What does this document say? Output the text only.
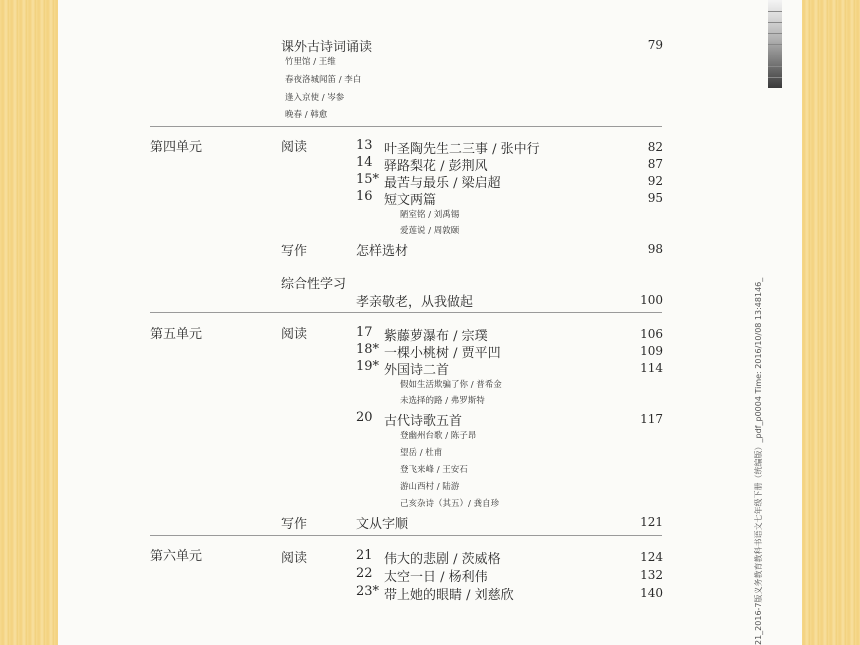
课外古诗词诵读	79
竹里馆 / 王维
春夜洛城闻笛 / 李白
逢入京使 / 岑参
晚春 / 韩愈
第四单元	阅读	13 叶圣陶先生二三事 / 张中行	82
14 驿路梨花 / 彭荆风	87
15* 最苦与最乐 / 梁启超	92
16 短文两篇	95
陋室铭 / 刘禹锡
爱莲说 / 周敦颐
写作	怎样选材	98
综合性学习
孝亲敬老，从我做起	100
第五单元	阅读	17 紫藤萝瀑布 / 宗璞	106
18* 一棵小桃树 / 贾平凹	109
19* 外国诗二首	114
假如生活欺骗了你 / 普希金
未选择的路 / 弗罗斯特
20 古代诗歌五首	117
登幽州台歌 / 陈子昂
望岳 / 杜甫
登飞来峰 / 王安石
游山西村 / 陆游
己亥杂诗（其五）/ 龚自珍
写作	文从字顺	121
第六单元	阅读	21 伟大的悲剧 / 茨威格	124
22 太空一日 / 杨利伟	132
23* 带上她的眼睛 / 刘慈欣	140	21_2016-7版义务教育教科书语文七年级下册（统编版）_pdf_p0004 Time: 2016/10/08 13:48146_
